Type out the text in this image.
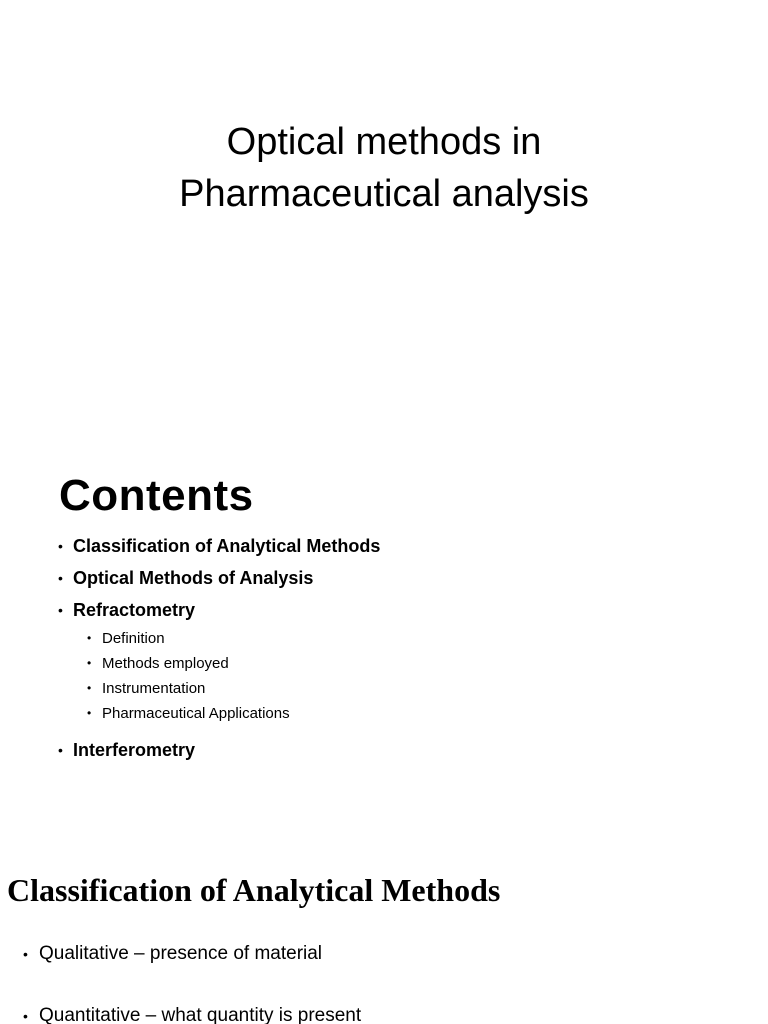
Optical methods in
Pharmaceutical analysis
Contents
• Classification of Analytical Methods
• Optical Methods of Analysis
• Refractometry
• Definition
• Methods employed
• Instrumentation
• Pharmaceutical Applications
• Interferometry
Classification of Analytical Methods
• Qualitative – presence of material
• Quantitative – what quantity is present
